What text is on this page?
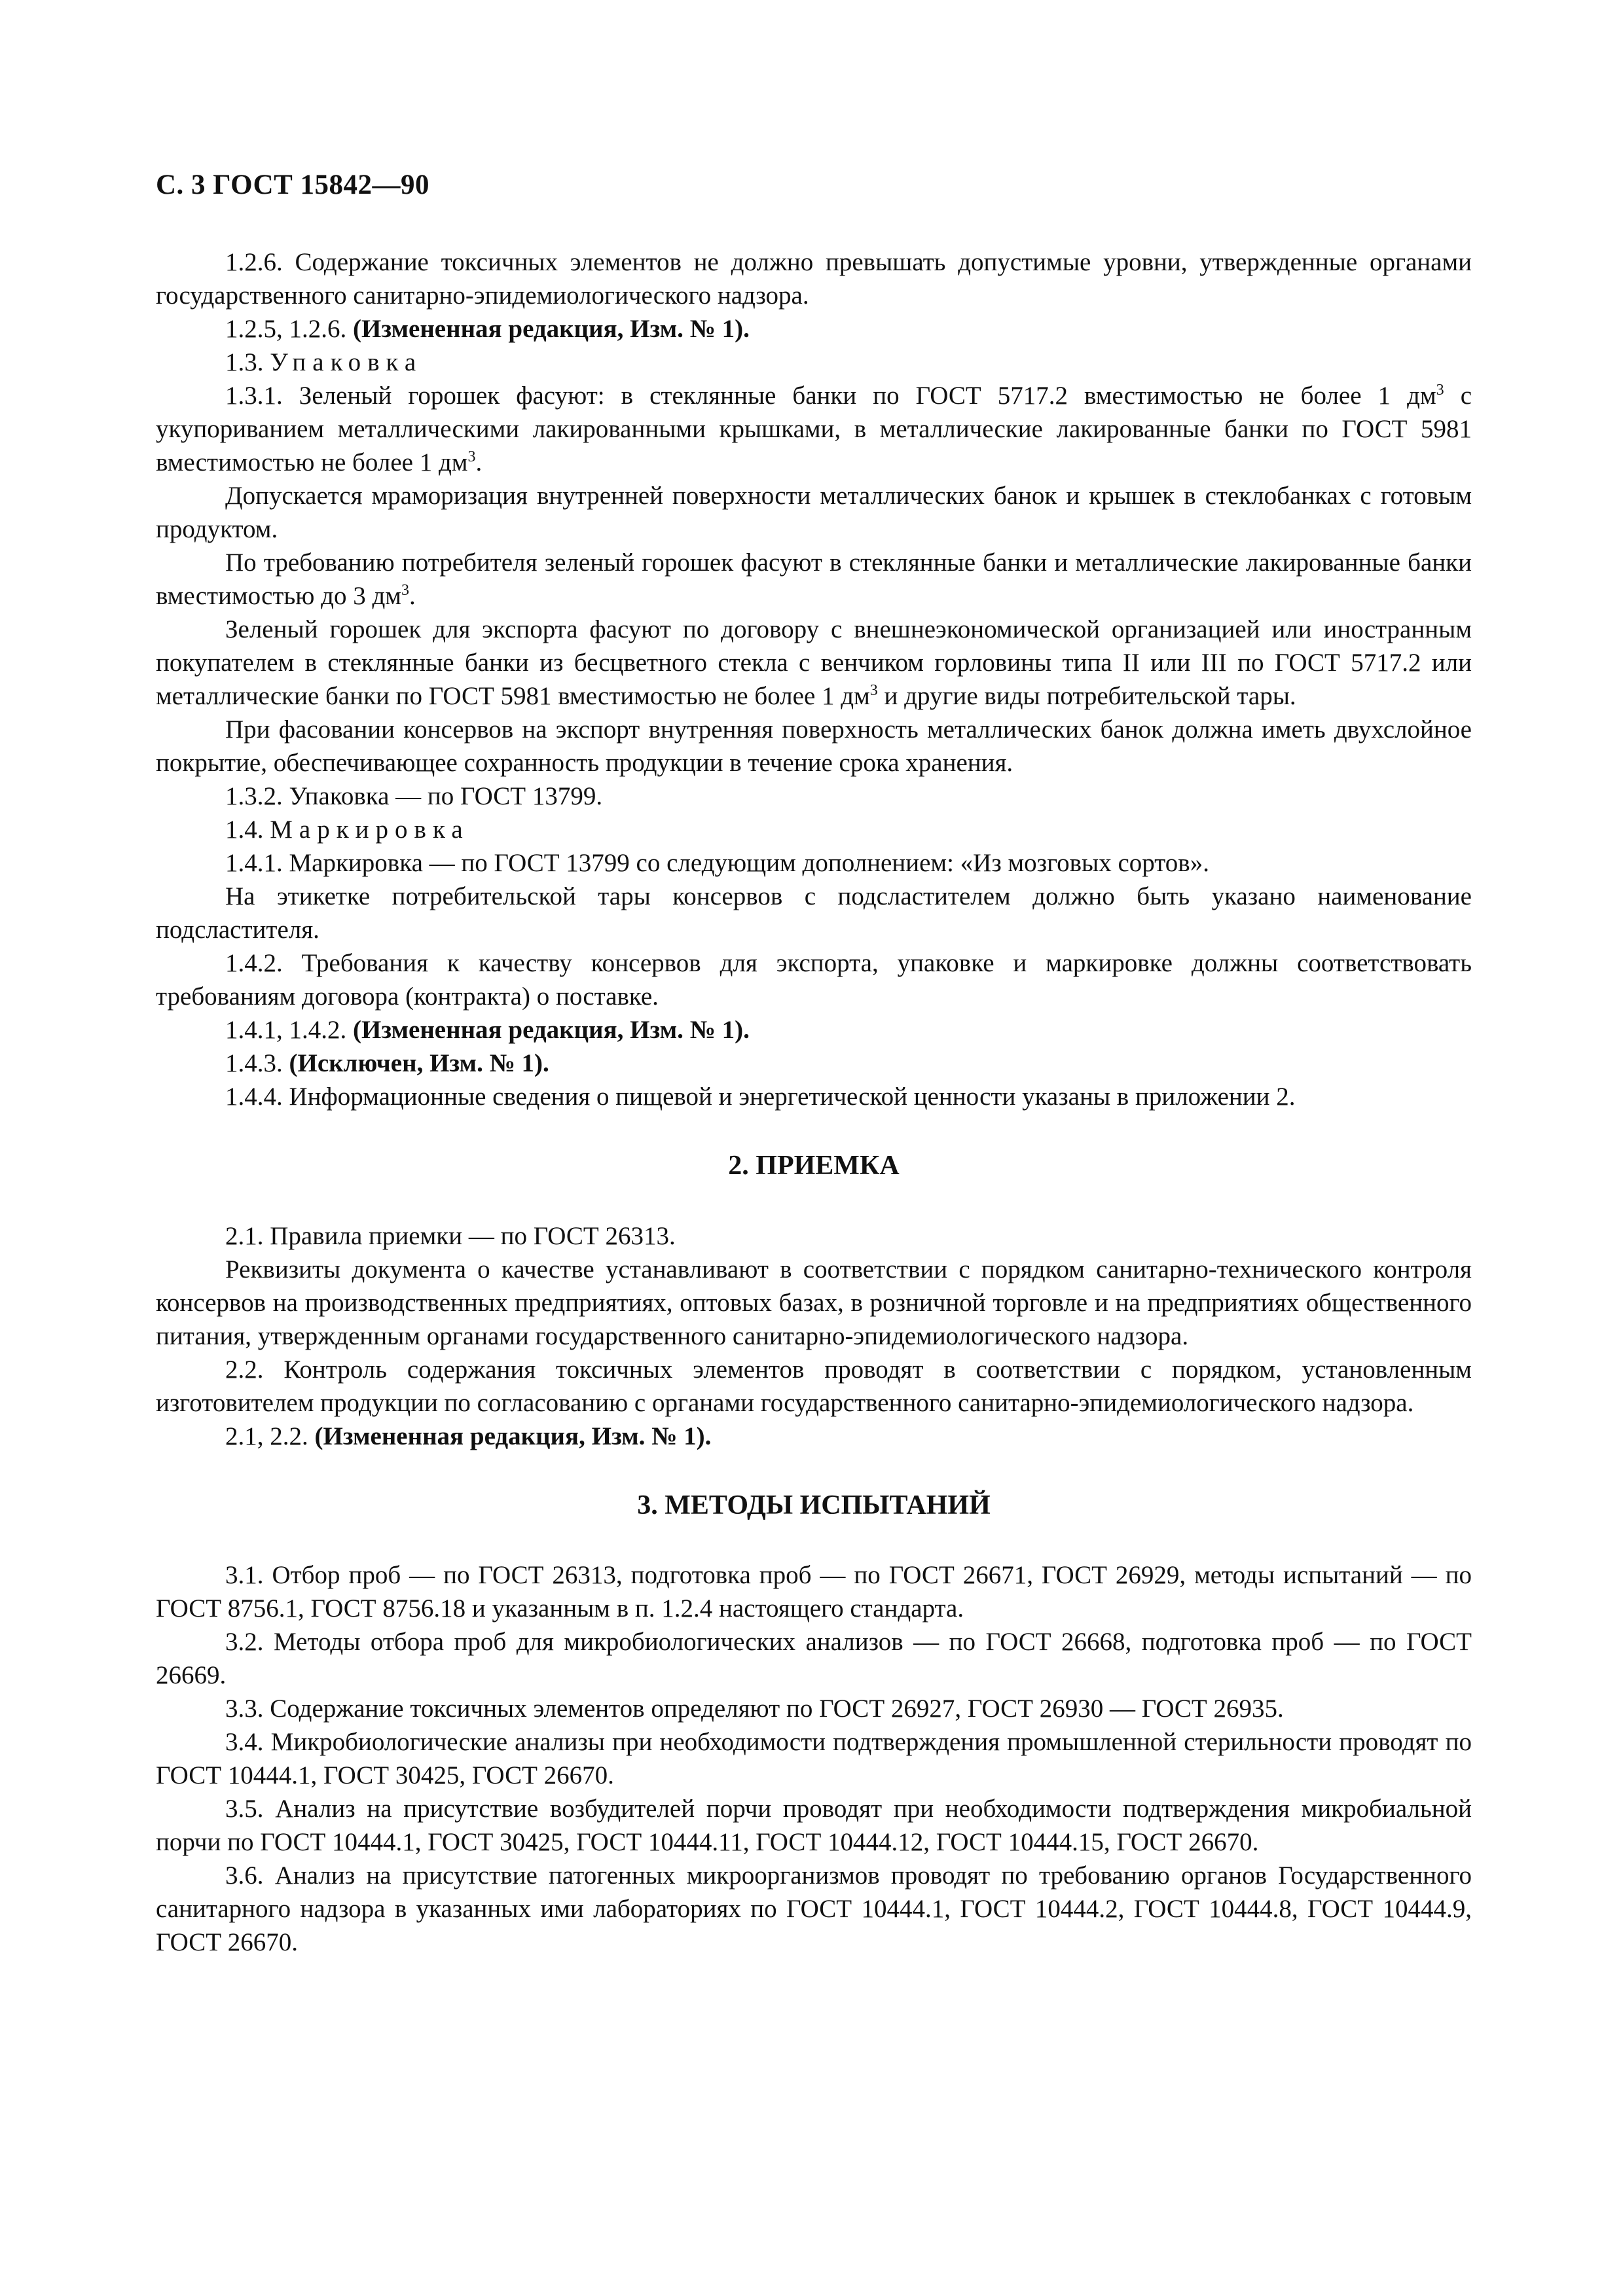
С. 3 ГОСТ 15842—90

1.2.6. Содержание токсичных элементов не должно превышать допустимые уровни, утвержденные органами государственного санитарно-эпидемиологического надзора.

1.2.5, 1.2.6. (Измененная редакция, Изм. № 1).

1.3. Упаковка

1.3.1. Зеленый горошек фасуют: в стеклянные банки по ГОСТ 5717.2 вместимостью не более 1 $дм^3$ с укупориванием металлическими лакированными крышками, в металлические лакированные банки по ГОСТ 5981 вместимостью не более 1 $дм^3$.

Допускается мраморизация внутренней поверхности металлических банок и крышек в стеклобанках с готовым продуктом.

По требованию потребителя зеленый горошек фасуют в стеклянные банки и металлические лакированные банки вместимостью до 3 $дм^3$.

Зеленый горошек для экспорта фасуют по договору с внешнеэкономической организацией или иностранным покупателем в стеклянные банки из бесцветного стекла с венчиком горловины типа II или III по ГОСТ 5717.2 или металлические банки по ГОСТ 5981 вместимостью не более 1 $дм^3$ и другие виды потребительской тары.

При фасовании консервов на экспорт внутренняя поверхность металлических банок должна иметь двухслойное покрытие, обеспечивающее сохранность продукции в течение срока хранения.

1.3.2. Упаковка — по ГОСТ 13799.

1.4. Маркировка

1.4.1. Маркировка — по ГОСТ 13799 со следующим дополнением: «Из мозговых сортов».

На этикетке потребительской тары консервов с подсластителем должно быть указано наименование подсластителя.

1.4.2. Требования к качеству консервов для экспорта, упаковке и маркировке должны соответствовать требованиям договора (контракта) о поставке.

1.4.1, 1.4.2. (Измененная редакция, Изм. № 1).

1.4.3. (Исключен, Изм. № 1).

1.4.4. Информационные сведения о пищевой и энергетической ценности указаны в приложении 2.

2. ПРИЕМКА

2.1. Правила приемки — по ГОСТ 26313.

Реквизиты документа о качестве устанавливают в соответствии с порядком санитарно-технического контроля консервов на производственных предприятиях, оптовых базах, в розничной торговле и на предприятиях общественного питания, утвержденным органами государственного санитарно-эпидемиологического надзора.

2.2. Контроль содержания токсичных элементов проводят в соответствии с порядком, установленным изготовителем продукции по согласованию с органами государственного санитарно-эпидемиологического надзора.

2.1, 2.2. (Измененная редакция, Изм. № 1).

3. МЕТОДЫ ИСПЫТАНИЙ

3.1. Отбор проб — по ГОСТ 26313, подготовка проб — по ГОСТ 26671, ГОСТ 26929, методы испытаний — по ГОСТ 8756.1, ГОСТ 8756.18 и указанным в п. 1.2.4 настоящего стандарта.

3.2. Методы отбора проб для микробиологических анализов — по ГОСТ 26668, подготовка проб — по ГОСТ 26669.

3.3. Содержание токсичных элементов определяют по ГОСТ 26927, ГОСТ 26930 — ГОСТ 26935.

3.4. Микробиологические анализы при необходимости подтверждения промышленной стерильности проводят по ГОСТ 10444.1, ГОСТ 30425, ГОСТ 26670.

3.5. Анализ на присутствие возбудителей порчи проводят при необходимости подтверждения микробиальной порчи по ГОСТ 10444.1, ГОСТ 30425, ГОСТ 10444.11, ГОСТ 10444.12, ГОСТ 10444.15, ГОСТ 26670.

3.6. Анализ на присутствие патогенных микроорганизмов проводят по требованию органов Государственного санитарного надзора в указанных ими лабораториях по ГОСТ 10444.1, ГОСТ 10444.2, ГОСТ 10444.8, ГОСТ 10444.9, ГОСТ 26670.
